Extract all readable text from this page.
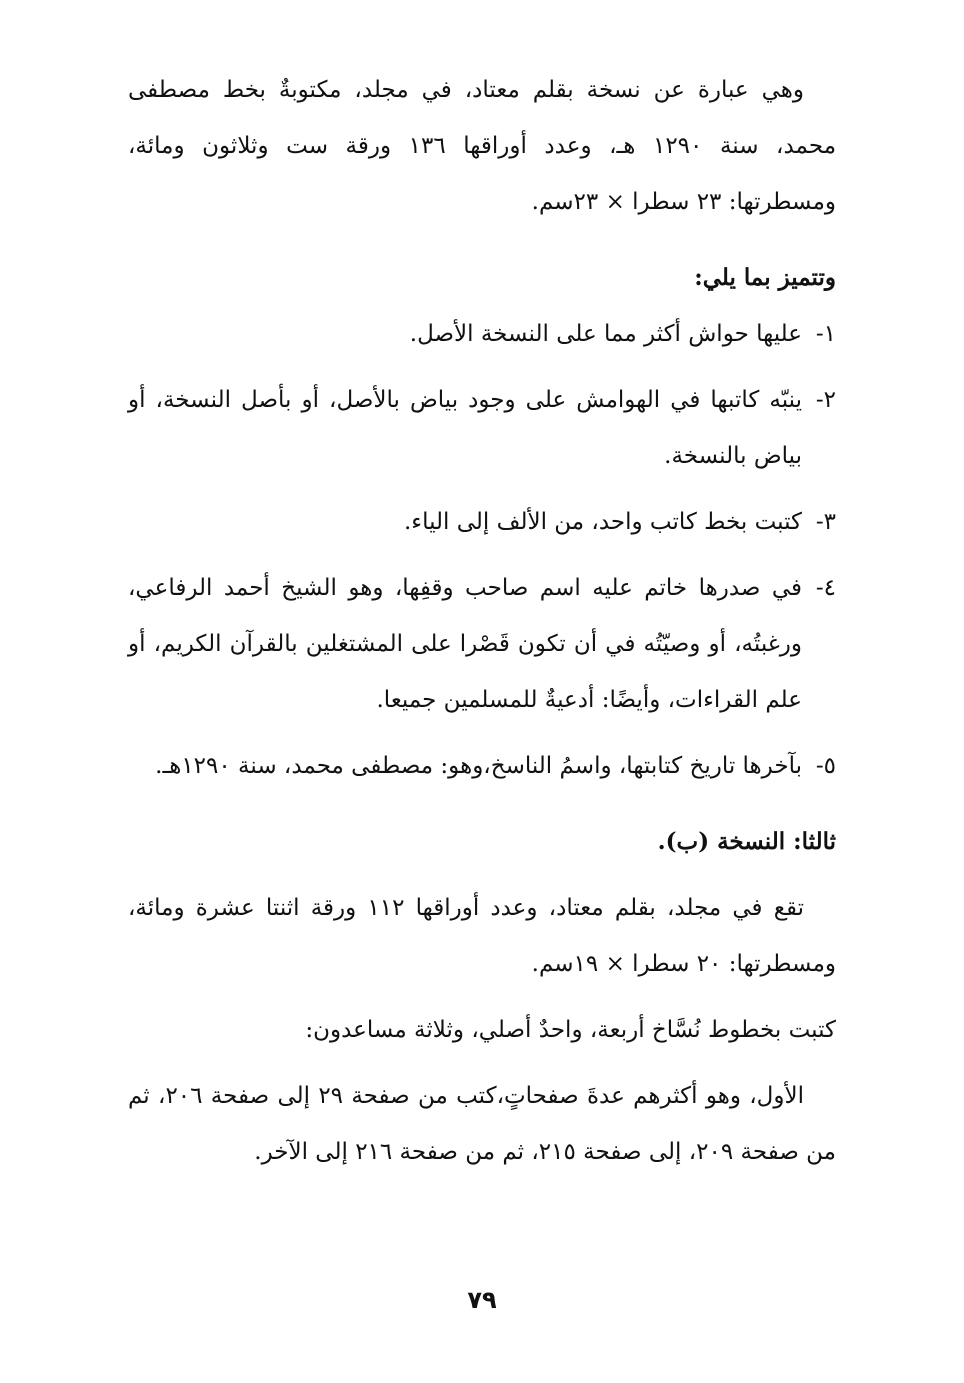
وهي عبارة عن نسخة بقلم معتاد، في مجلد، مكتوبةٌ بخط مصطفى محمد، سنة ١٢٩٠ هـ، وعدد أوراقها ١٣٦ ورقة ست وثلاثون ومائة، ومسطرتها: ٢٣ سطرا × ٢٣سم.

وتتميز بما يلي:

١-
عليها حواش أكثر مما على النسخة الأصل.
٢-
ينبّه كاتبها في الهوامش على وجود بياض بالأصل، أو بأصل النسخة، أو بياض بالنسخة.
٣-
كتبت بخط كاتب واحد، من الألف إلى الياء.
٤-
في صدرها خاتم عليه اسم صاحب وقفِها، وهو الشيخ أحمد الرفاعي، ورغبتُه، أو وصيّتُه في أن تكون قَصْرا على المشتغلين بالقرآن الكريم، أو علم القراءات، وأيضًا: أدعيةٌ للمسلمين جميعا.
٥-
بآخرها تاريخ كتابتها، واسمُ الناسخ،وهو: مصطفى محمد، سنة ١٢٩٠هـ.

ثالثا: النسخة (ب).

تقع في مجلد، بقلم معتاد، وعدد أوراقها ١١٢ ورقة اثنتا عشرة ومائة، ومسطرتها: ٢٠ سطرا × ١٩سم.

كتبت بخطوط نُسَّاخ أربعة، واحدٌ أصلي، وثلاثة مساعدون:

الأول، وهو أكثرهم عدةَ صفحاتٍ،كتب من صفحة ٢٩ إلى صفحة ٢٠٦، ثم من صفحة ٢٠٩، إلى صفحة ٢١٥، ثم من صفحة ٢١٦ إلى الآخر.

٧٩
